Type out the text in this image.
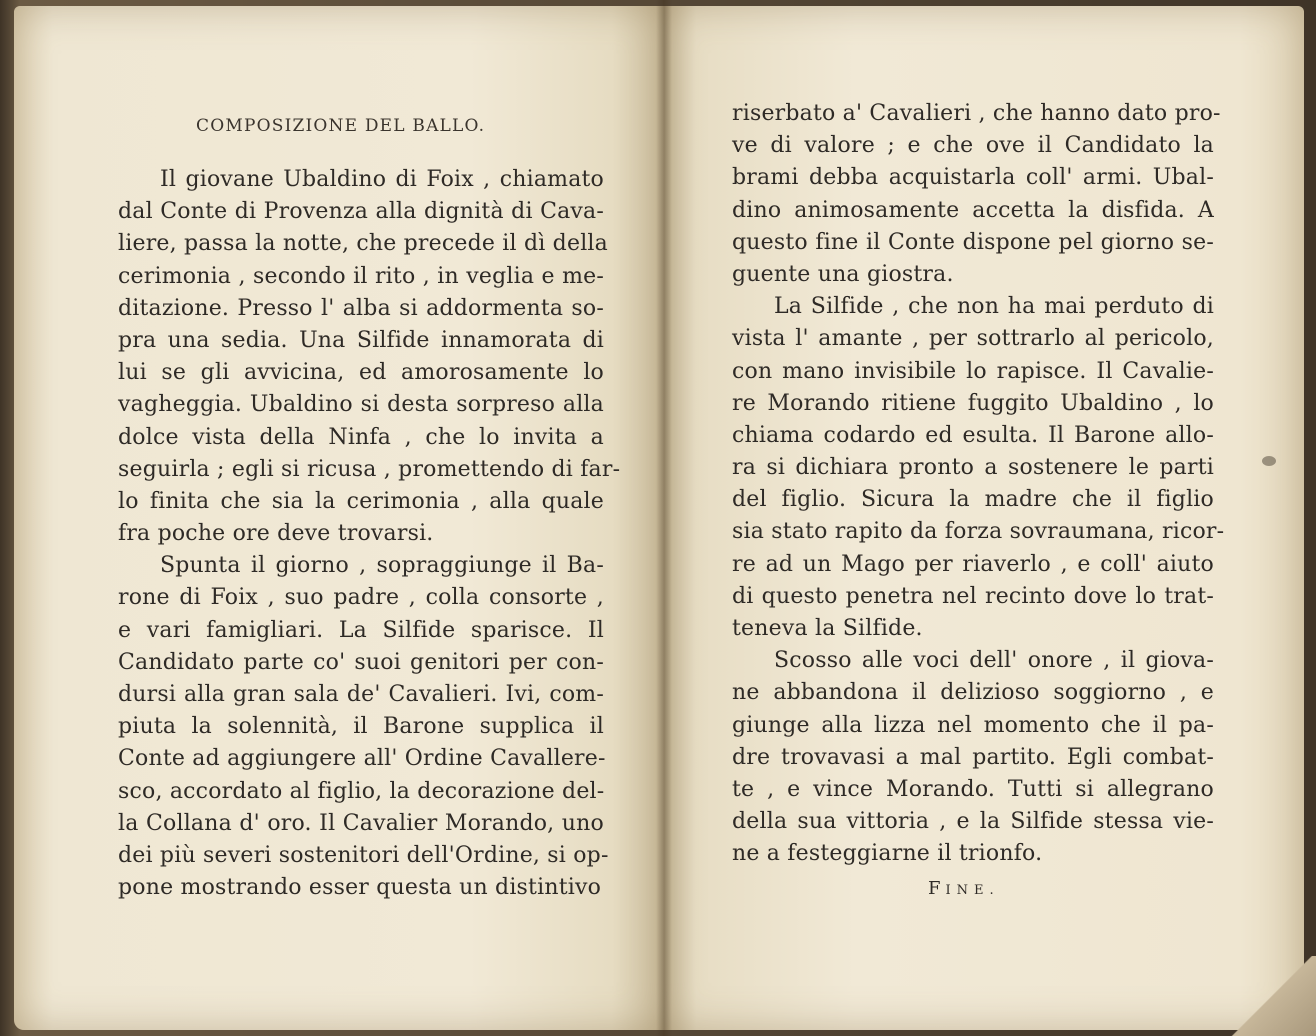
COMPOSIZIONE DEL BALLO.
Il giovane Ubaldino di Foix , chiamato
dal Conte di Provenza alla dignità di Cava-
liere, passa la notte, che precede il dì della
cerimonia , secondo il rito , in veglia e me-
ditazione. Presso l' alba si addormenta so-
pra una sedia. Una Silfide innamorata di
lui se gli avvicina, ed amorosamente lo
vagheggia. Ubaldino si desta sorpreso alla
dolce vista della Ninfa , che lo invita a
seguirla ; egli si ricusa , promettendo di far-
lo finita che sia la cerimonia , alla quale
fra poche ore deve trovarsi.
Spunta il giorno , sopraggiunge il Ba-
rone di Foix , suo padre , colla consorte ,
e vari famigliari. La Silfide sparisce. Il
Candidato parte co' suoi genitori per con-
dursi alla gran sala de' Cavalieri. Ivi, com-
piuta la solennità, il Barone supplica il
Conte ad aggiungere all' Ordine Cavallere-
sco, accordato al figlio, la decorazione del-
la Collana d' oro. Il Cavalier Morando, uno
dei più severi sostenitori dell'Ordine, si op-
pone mostrando esser questa un distintivo
riserbato a' Cavalieri , che hanno dato pro-
ve di valore ; e che ove il Candidato la
brami debba acquistarla coll' armi. Ubal-
dino animosamente accetta la disfida. A
questo fine il Conte dispone pel giorno se-
guente una giostra.
La Silfide , che non ha mai perduto di
vista l' amante , per sottrarlo al pericolo,
con mano invisibile lo rapisce. Il Cavalie-
re Morando ritiene fuggito Ubaldino , lo
chiama codardo ed esulta. Il Barone allo-
ra si dichiara pronto a sostenere le parti
del figlio. Sicura la madre che il figlio
sia stato rapito da forza sovraumana, ricor-
re ad un Mago per riaverlo , e coll' aiuto
di questo penetra nel recinto dove lo trat-
teneva la Silfide.
Scosso alle voci dell' onore , il giova-
ne abbandona il delizioso soggiorno , e
giunge alla lizza nel momento che il pa-
dre trovavasi a mal partito. Egli combat-
te , e vince Morando. Tutti si allegrano
della sua vittoria , e la Silfide stessa vie-
ne a festeggiarne il trionfo.
FINE.
